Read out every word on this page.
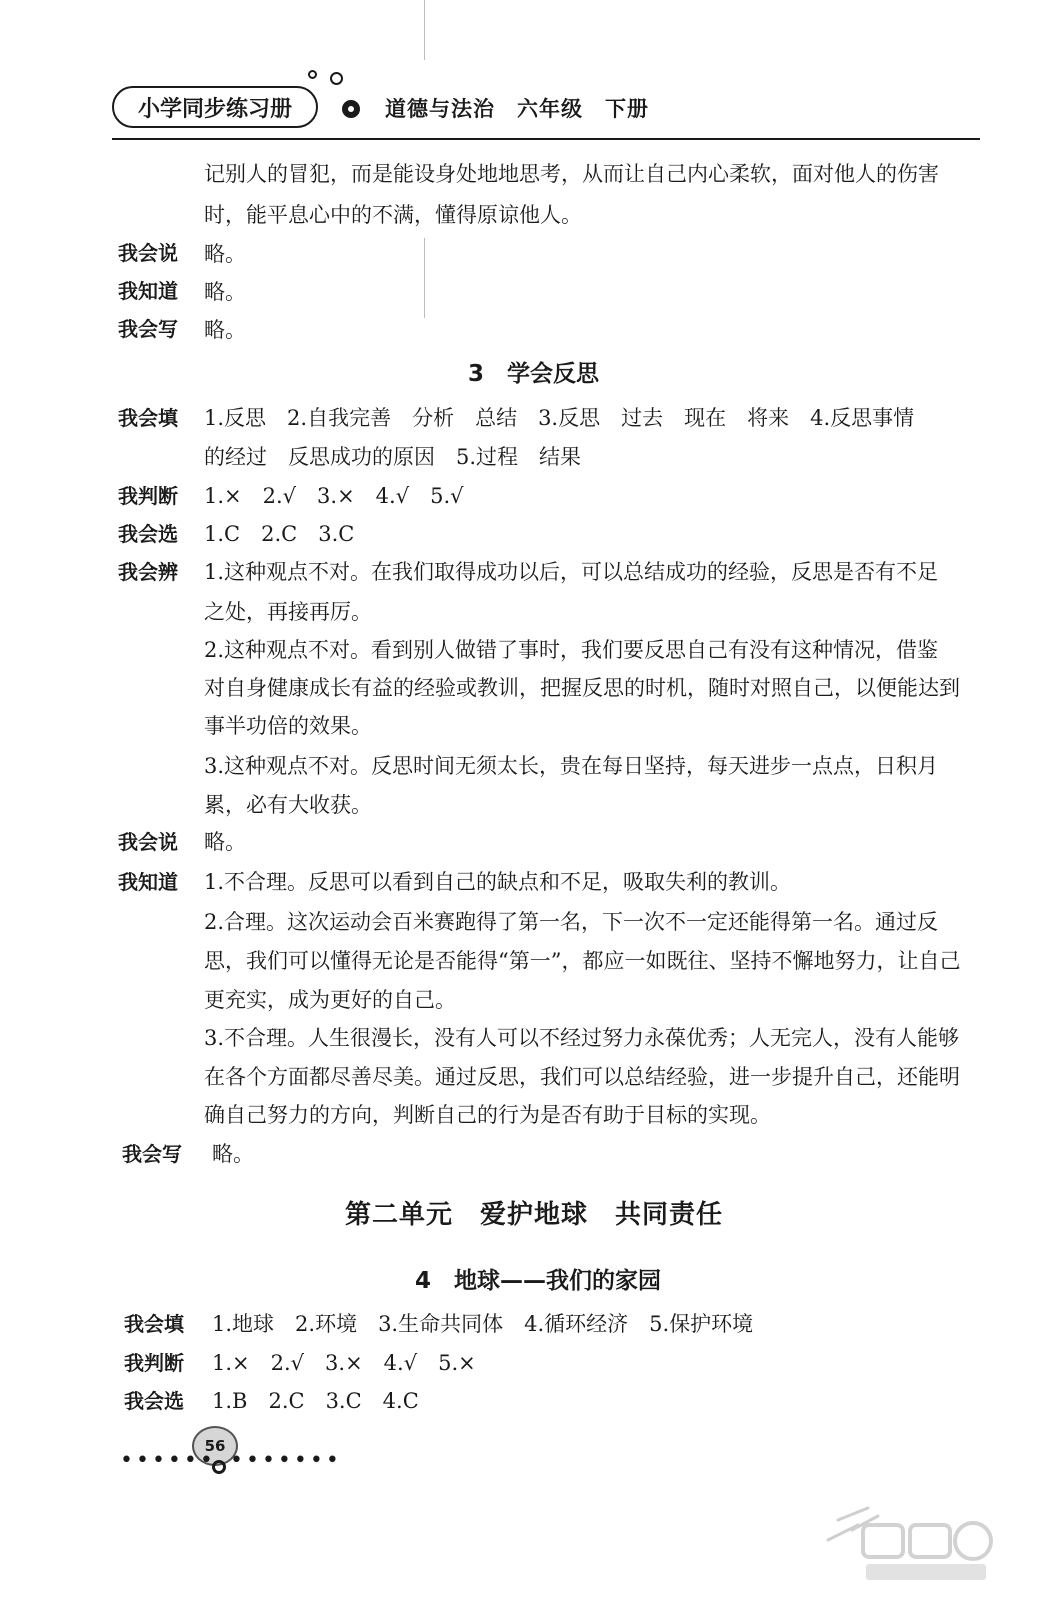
小学同步练习册	道德与法治　六年级　下册
记别人的冒犯，而是能设身处地地思考，从而让自己内心柔软，面对他人的伤害
时，能平息心中的不满，懂得原谅他人。
我会说 略。
我知道 略。
我会写 略。
3　学会反思
我会填 1.反思　2.自我完善　分析　总结　3.反思　过去　现在　将来　4.反思事情
的经过　反思成功的原因　5.过程　结果
我判断 1.×　2.√　3.×　4.√　5.√
我会选 1.C　2.C　3.C
我会辨 1.这种观点不对。在我们取得成功以后，可以总结成功的经验，反思是否有不足
之处，再接再厉。
2.这种观点不对。看到别人做错了事时，我们要反思自己有没有这种情况，借鉴
对自身健康成长有益的经验或教训，把握反思的时机，随时对照自己，以便能达到
事半功倍的效果。
3.这种观点不对。反思时间无须太长，贵在每日坚持，每天进步一点点，日积月
累，必有大收获。
我会说 略。
我知道 1.不合理。反思可以看到自己的缺点和不足，吸取失利的教训。
2.合理。这次运动会百米赛跑得了第一名，下一次不一定还能得第一名。通过反
思，我们可以懂得无论是否能得“第一”，都应一如既往、坚持不懈地努力，让自己
更充实，成为更好的自己。
3.不合理。人生很漫长，没有人可以不经过努力永葆优秀；人无完人，没有人能够
在各个方面都尽善尽美。通过反思，我们可以总结经验，进一步提升自己，还能明
确自己努力的方向，判断自己的行为是否有助于目标的实现。
我会写 略。
第二单元　爱护地球　共同责任
4　地球——我们的家园
我会填 1.地球　2.环境　3.生命共同体　4.循环经济　5.保护环境
我判断 1.×　2.√　3.×　4.√　5.×
我会选 1.B　2.C　3.C　4.C
56
•••••• •••••••
